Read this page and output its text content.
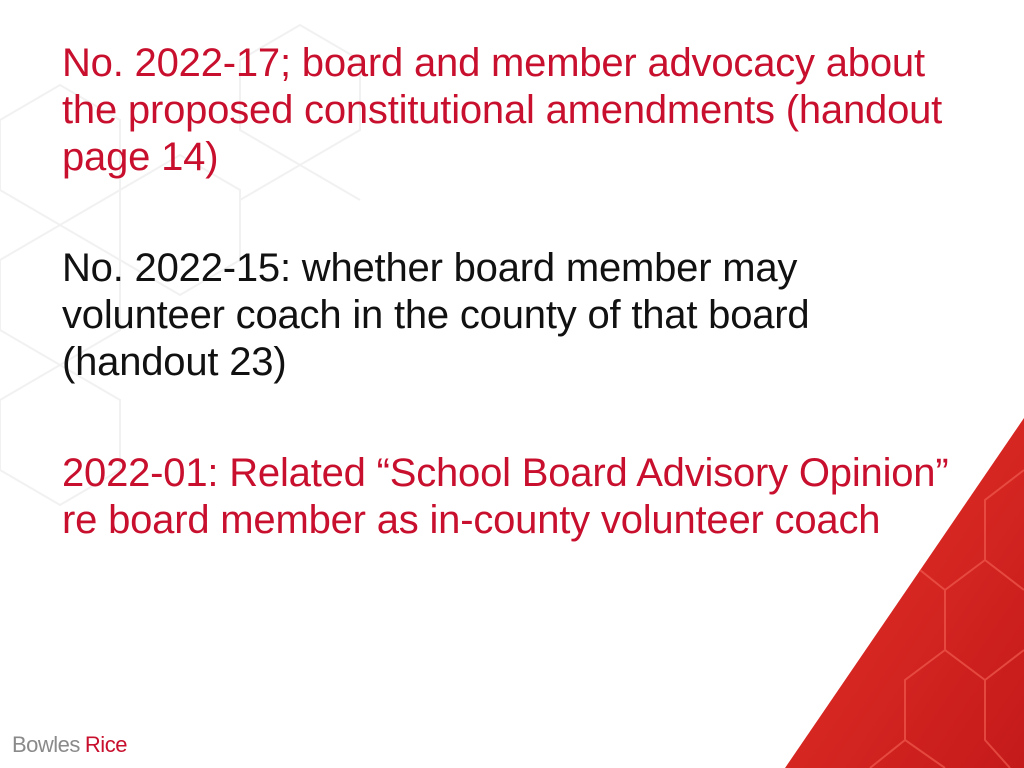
No. 2022-17; board and member advocacy about the proposed constitutional amendments (handout page 14)

No. 2022-15: whether board member may volunteer coach in the county of that board (handout 23)

2022-01: Related “School Board Advisory Opinion” re board member as in-county volunteer coach

Bowles Rice
